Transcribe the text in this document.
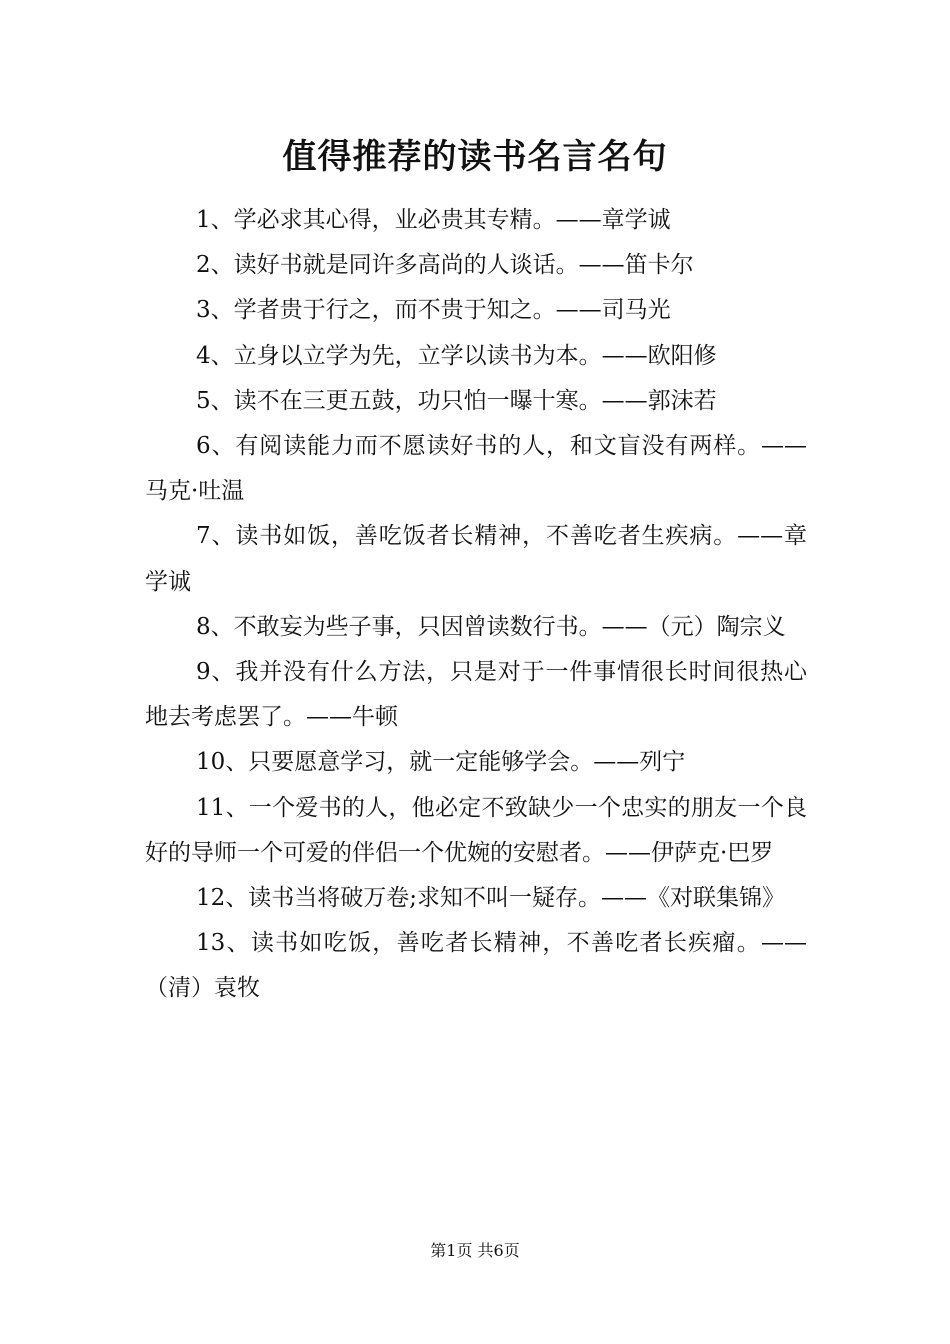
值得推荐的读书名言名句

1、学必求其心得，业必贵其专精。——章学诚

2、读好书就是同许多高尚的人谈话。——笛卡尔

3、学者贵于行之，而不贵于知之。——司马光

4、立身以立学为先，立学以读书为本。——欧阳修

5、读不在三更五鼓，功只怕一曝十寒。——郭沫若

6、有阅读能力而不愿读好书的人，和文盲没有两样。——马克·吐温

7、读书如饭，善吃饭者长精神，不善吃者生疾病。——章学诚

8、不敢妄为些子事，只因曾读数行书。——（元）陶宗义

9、我并没有什么方法，只是对于一件事情很长时间很热心地去考虑罢了。——牛顿

10、只要愿意学习，就一定能够学会。——列宁

11、一个爱书的人，他必定不致缺少一个忠实的朋友一个良好的导师一个可爱的伴侣一个优婉的安慰者。——伊萨克·巴罗

12、读书当将破万卷;求知不叫一疑存。——《对联集锦》

13、读书如吃饭，善吃者长精神，不善吃者长疾瘤。——（清）袁牧

第1页 共6页
